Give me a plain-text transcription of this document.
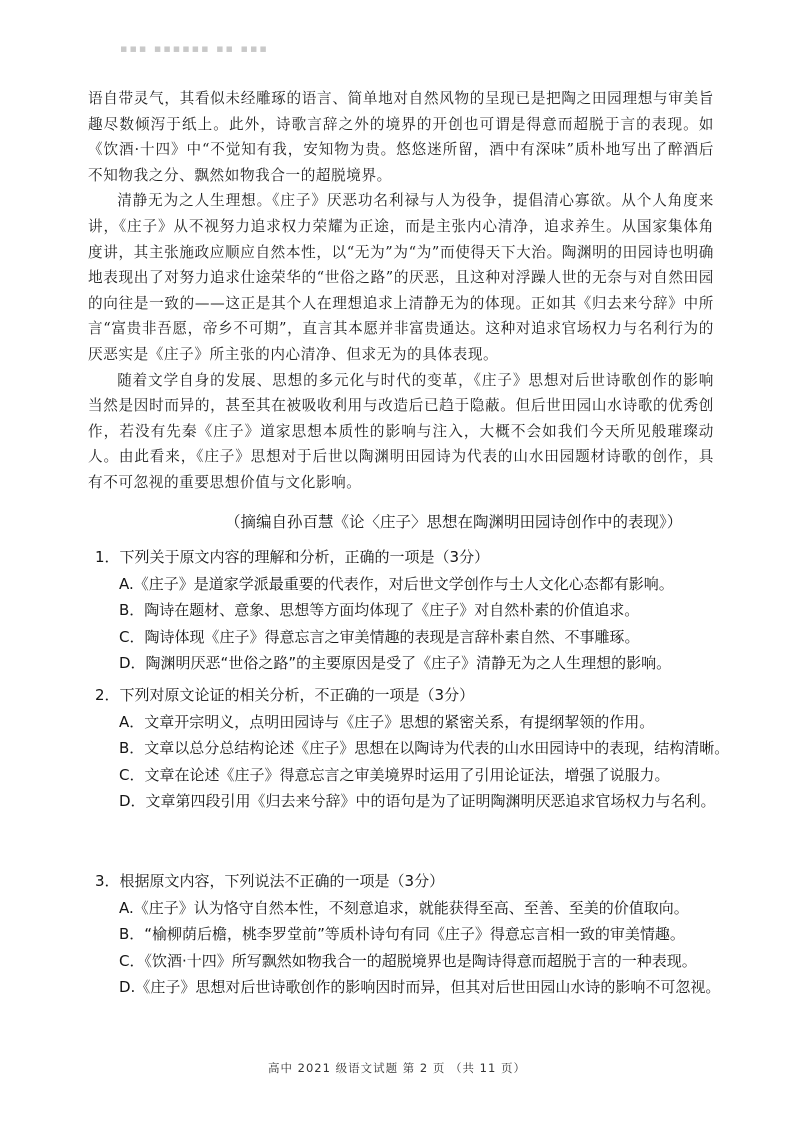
▪▪▪ ▪▪▪▪▪▪ ▪▪ ▪▪▪

语自带灵气，其看似未经雕琢的语言、简单地对自然风物的呈现已是把陶之田园理想与审美旨趣尽数倾泻于纸上。此外，诗歌言辞之外的境界的开创也可谓是得意而超脱于言的表现。如《饮酒·十四》中“不觉知有我，安知物为贵。悠悠迷所留，酒中有深味”质朴地写出了醉酒后不知物我之分、飘然如物我合一的超脱境界。

清静无为之人生理想。《庄子》厌恶功名利禄与人为役争，提倡清心寡欲。从个人角度来讲，《庄子》从不视努力追求权力荣耀为正途，而是主张内心清净，追求养生。从国家集体角度讲，其主张施政应顺应自然本性，以“无为”为“为”而使得天下大治。陶渊明的田园诗也明确地表现出了对努力追求仕途荣华的“世俗之路”的厌恶，且这种对浮躁人世的无奈与对自然田园的向往是一致的——这正是其个人在理想追求上清静无为的体现。正如其《归去来兮辞》中所言“富贵非吾愿，帝乡不可期”，直言其本愿并非富贵通达。这种对追求官场权力与名利行为的厌恶实是《庄子》所主张的内心清净、但求无为的具体表现。

随着文学自身的发展、思想的多元化与时代的变革，《庄子》思想对后世诗歌创作的影响当然是因时而异的，甚至其在被吸收利用与改造后已趋于隐蔽。但后世田园山水诗歌的优秀创作，若没有先秦《庄子》道家思想本质性的影响与注入，大概不会如我们今天所见般璀璨动人。由此看来，《庄子》思想对于后世以陶渊明田园诗为代表的山水田园题材诗歌的创作，具有不可忽视的重要思想价值与文化影响。

（摘编自孙百慧《论〈庄子〉思想在陶渊明田园诗创作中的表现》）

1．下列关于原文内容的理解和分析，正确的一项是（3分）

A.《庄子》是道家学派最重要的代表作，对后世文学创作与士人文化心态都有影响。

B．陶诗在题材、意象、思想等方面均体现了《庄子》对自然朴素的价值追求。

C．陶诗体现《庄子》得意忘言之审美情趣的表现是言辞朴素自然、不事雕琢。

D．陶渊明厌恶“世俗之路”的主要原因是受了《庄子》清静无为之人生理想的影响。

2．下列对原文论证的相关分析，不正确的一项是（3分）

A．文章开宗明义，点明田园诗与《庄子》思想的紧密关系，有提纲挈领的作用。

B．文章以总分总结构论述《庄子》思想在以陶诗为代表的山水田园诗中的表现，结构清晰。

C．文章在论述《庄子》得意忘言之审美境界时运用了引用论证法，增强了说服力。

D．文章第四段引用《归去来兮辞》中的语句是为了证明陶渊明厌恶追求官场权力与名利。

3．根据原文内容，下列说法不正确的一项是（3分）

A.《庄子》认为恪守自然本性，不刻意追求，就能获得至高、至善、至美的价值取向。

B．“榆柳荫后檐，桃李罗堂前”等质朴诗句有同《庄子》得意忘言相一致的审美情趣。

C．《饮酒·十四》所写飘然如物我合一的超脱境界也是陶诗得意而超脱于言的一种表现。

D.《庄子》思想对后世诗歌创作的影响因时而异，但其对后世田园山水诗的影响不可忽视。

高中 2021 级语文试题 第 2 页 （共 11 页）
